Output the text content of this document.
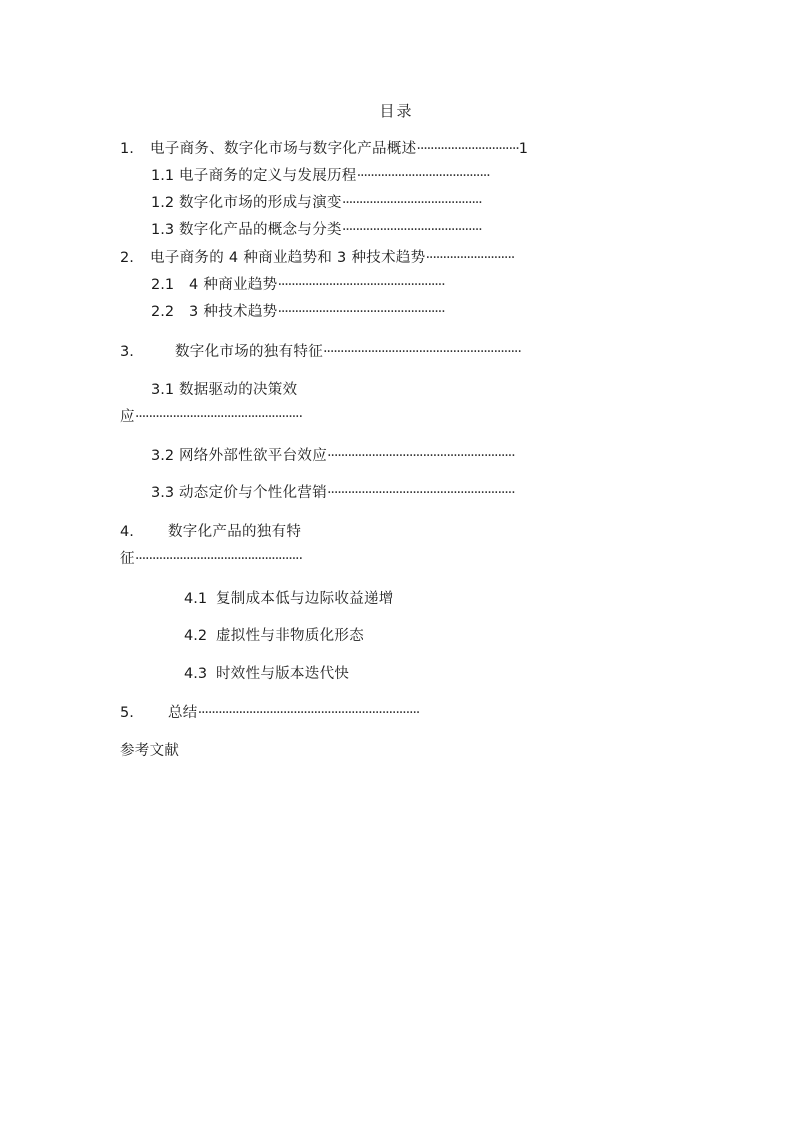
目录
1. 电子商务、数字化市场与数字化产品概述······························1
1.1 电子商务的定义与发展历程·······································
1.2 数字化市场的形成与演变·········································
1.3 数字化产品的概念与分类·········································
2. 电子商务的 4 种商业趋势和 3 种技术趋势··························
2.1 4 种商业趋势·················································
2.2 3 种技术趋势·················································
3.	数字化市场的独有特征··························································
3.1 数据驱动的决策效
应·················································
3.2 网络外部性欲平台效应·······················································
3.3 动态定价与个性化营销·······················································
4. 数字化产品的独有特
征·················································
4.1 复制成本低与边际收益递增
4.2 虚拟性与非物质化形态
4.3 时效性与版本迭代快
5. 总结·································································
参考文献
